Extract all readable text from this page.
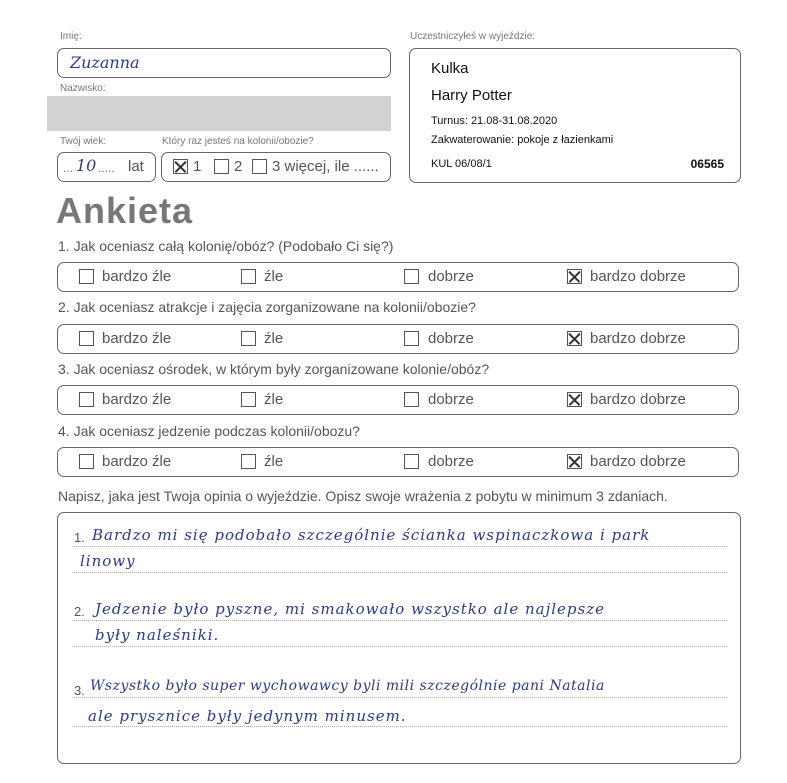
Imię:
Zuzanna
Nazwisko:
Twój wiek:
... 10 ..... lat
Który raz jesteś na kolonii/obozie?
1 2 3 więcej, ile ......
Uczestniczyłeś w wyjeździe:
Kulka
Harry Potter
Turnus: 21.08-31.08.2020
Zakwaterowanie: pokoje z łazienkami
KUL 06/08/1	06565
Ankieta
1. Jak oceniasz całą kolonię/obóz? (Podobało Ci się?)
bardzo źle	źle	dobrze	bardzo dobrze
2. Jak oceniasz atrakcje i zajęcia zorganizowane na kolonii/obozie?
bardzo źle	źle	dobrze	bardzo dobrze
3. Jak oceniasz ośrodek, w którym były zorganizowane kolonie/obóz?
bardzo źle	źle	dobrze	bardzo dobrze
4. Jak oceniasz jedzenie podczas kolonii/obozu?
bardzo źle	źle	dobrze	bardzo dobrze
Napisz, jaka jest Twoja opinia o wyjeździe. Opisz swoje wrażenia z pobytu w minimum 3 zdaniach.
1. Bardzo mi się podobało szczególnie ścianka wspinaczkowa i park
linowy
2. Jedzenie było pyszne, mi smakowało wszystko ale najlepsze
były naleśniki.
3. Wszystko było super wychowawcy byli mili szczególnie pani Natalia
ale prysznice były jedynym minusem.
